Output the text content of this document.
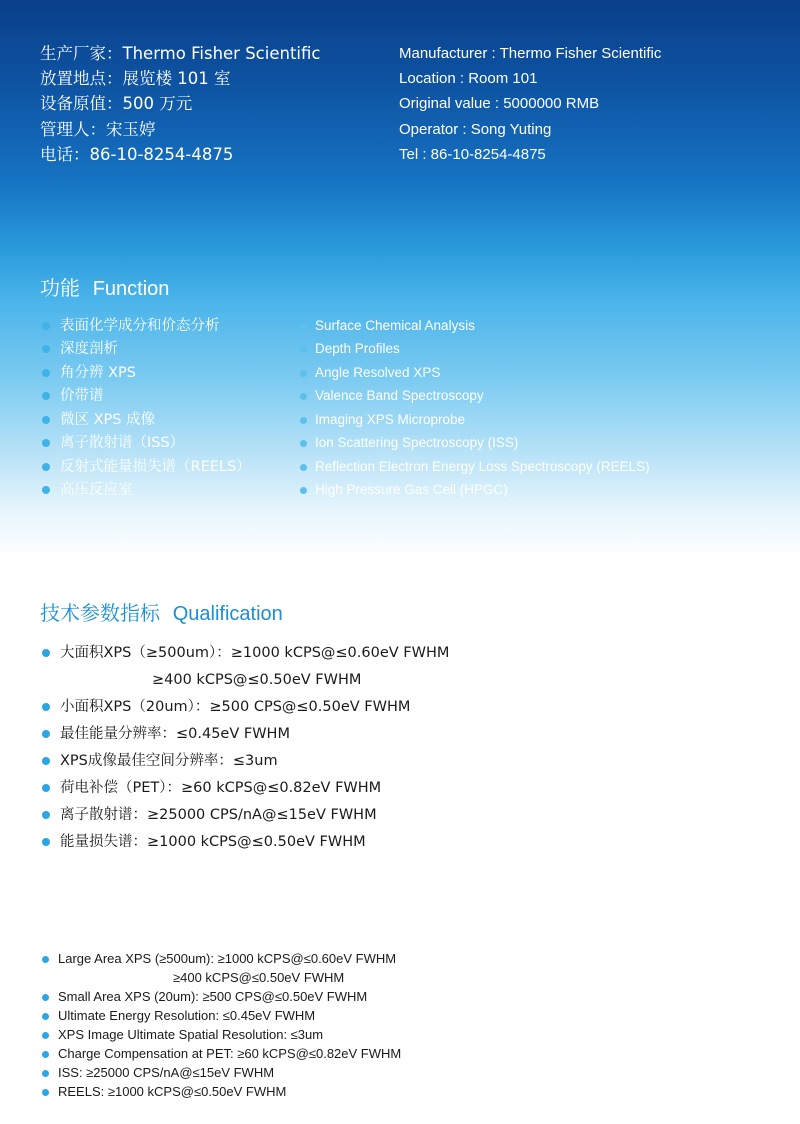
生产厂家：Thermo Fisher Scientific
放置地点：展览楼 101 室
设备原值：500 万元
管理人：宋玉婷
电话：86-10-8254-4875
Manufacturer : Thermo Fisher Scientific
Location : Room 101
Original value : 5000000 RMB
Operator : Song Yuting
Tel : 86-10-8254-4875
功能 Function
表面化学成分和价态分析
深度剖析
角分辨 XPS
价带谱
微区 XPS 成像
离子散射谱（ISS）
反射式能量损失谱（REELS）
高压反应室
Surface Chemical Analysis
Depth Profiles
Angle Resolved XPS
Valence Band Spectroscopy
Imaging XPS Microprobe
Ion Scattering Spectroscopy (ISS)
Reflection Electron Energy Loss Spectroscopy (REELS)
High Pressure Gas Cell (HPGC)
技术参数指标 Qualification
大面积XPS（≥500um）：≥1000 kCPS@≤0.60eV FWHM
≥400 kCPS@≤0.50eV FWHM
小面积XPS（20um）：≥500 CPS@≤0.50eV FWHM
最佳能量分辨率：≤0.45eV FWHM
XPS成像最佳空间分辨率：≤3um
荷电补偿（PET）：≥60 kCPS@≤0.82eV FWHM
离子散射谱：≥25000 CPS/nA@≤15eV FWHM
能量损失谱：≥1000 kCPS@≤0.50eV FWHM
Large Area XPS (≥500um): ≥1000 kCPS@≤0.60eV FWHM
≥400 kCPS@≤0.50eV FWHM
Small Area XPS (20um): ≥500 CPS@≤0.50eV FWHM
Ultimate Energy Resolution: ≤0.45eV FWHM
XPS Image Ultimate Spatial Resolution: ≤3um
Charge Compensation at PET: ≥60 kCPS@≤0.82eV FWHM
ISS: ≥25000 CPS/nA@≤15eV FWHM
REELS: ≥1000 kCPS@≤0.50eV FWHM
